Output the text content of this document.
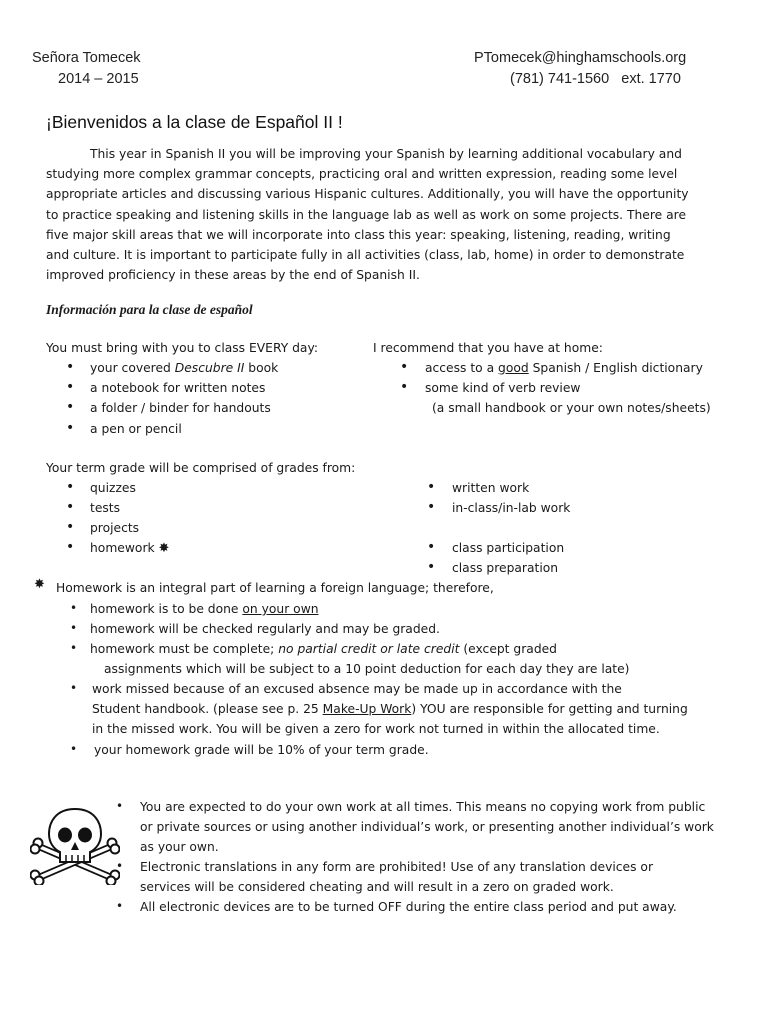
Señora Tomecek
2014 – 2015
PTomecek@hinghamschools.org
(781) 741-1560 ext. 1770
¡Bienvenidos a la clase de Español II !
This year in Spanish II you will be improving your Spanish by learning additional vocabulary and
studying more complex grammar concepts, practicing oral and written expression, reading some level
appropriate articles and discussing various Hispanic cultures. Additionally, you will have the opportunity
to practice speaking and listening skills in the language lab as well as work on some projects. There are
five major skill areas that we will incorporate into class this year: speaking, listening, reading, writing
and culture. It is important to participate fully in all activities (class, lab, home) in order to demonstrate
improved proficiency in these areas by the end of Spanish II.
Información para la clase de español
You must bring with you to class EVERY day:
• your covered Descubre II book
• a notebook for written notes
• a folder / binder for handouts
• a pen or pencil
I recommend that you have at home:
• access to a good Spanish / English dictionary
• some kind of verb review
(a small handbook or your own notes/sheets)
Your term grade will be comprised of grades from:
• quizzes
• tests
• projects
• homework ✸
• written work
• in-class/in-lab work
• class participation
• class preparation
✸ Homework is an integral part of learning a foreign language; therefore,
• homework is to be done on your own
• homework will be checked regularly and may be graded.
• homework must be complete; no partial credit or late credit (except graded
assignments which will be subject to a 10 point deduction for each day they are late)
• work missed because of an excused absence may be made up in accordance with the
Student handbook. (please see p. 25 Make-Up Work) YOU are responsible for getting and turning
in the missed work. You will be given a zero for work not turned in within the allocated time.
• your homework grade will be 10% of your term grade.
• You are expected to do your own work at all times. This means no copying work from public
or private sources or using another individual’s work, or presenting another individual’s work
as your own.
• Electronic translations in any form are prohibited! Use of any translation devices or
services will be considered cheating and will result in a zero on graded work.
• All electronic devices are to be turned OFF during the entire class period and put away.
